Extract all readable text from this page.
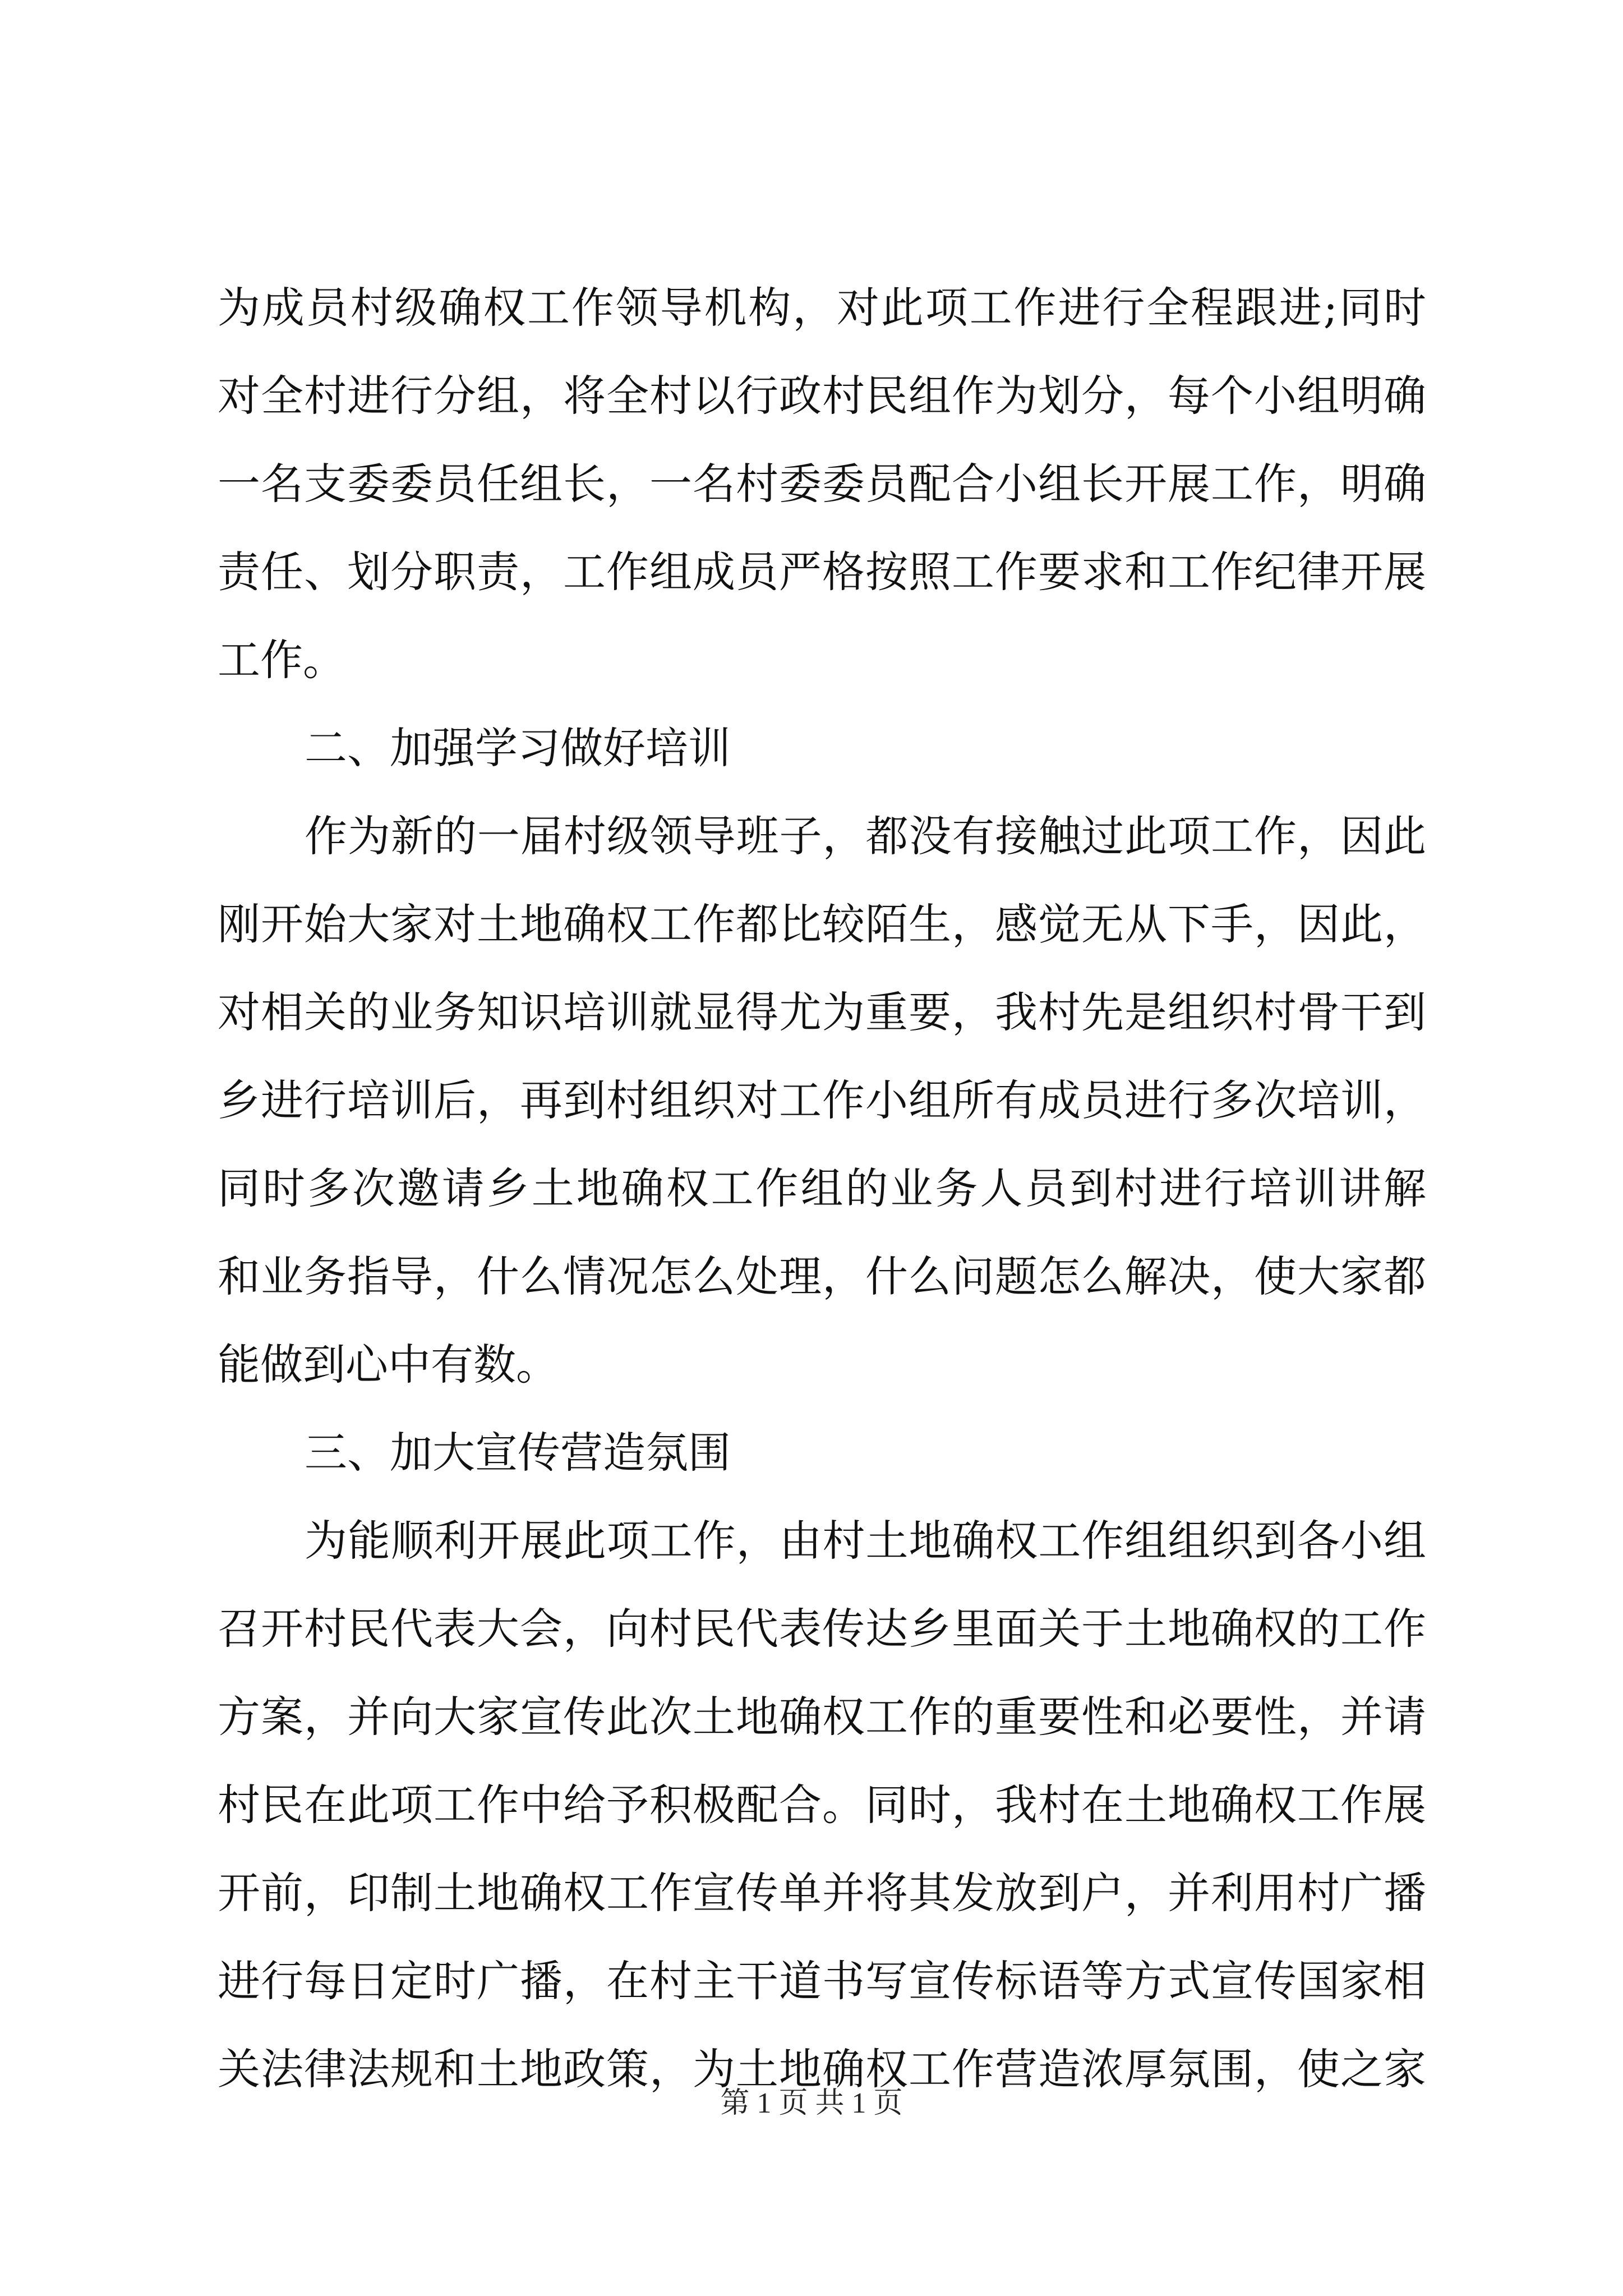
为成员村级确权工作领导机构，对此项工作进行全程跟进;同时
对全村进行分组，将全村以行政村民组作为划分，每个小组明确
一名支委委员任组长，一名村委委员配合小组长开展工作，明确
责任、划分职责，工作组成员严格按照工作要求和工作纪律开展
工作。
二、加强学习做好培训
作为新的一届村级领导班子，都没有接触过此项工作，因此
刚开始大家对土地确权工作都比较陌生，感觉无从下手，因此，
对相关的业务知识培训就显得尤为重要，我村先是组织村骨干到
乡进行培训后，再到村组织对工作小组所有成员进行多次培训，
同时多次邀请乡土地确权工作组的业务人员到村进行培训讲解
和业务指导，什么情况怎么处理，什么问题怎么解决，使大家都
能做到心中有数。
三、加大宣传营造氛围
为能顺利开展此项工作，由村土地确权工作组组织到各小组
召开村民代表大会，向村民代表传达乡里面关于土地确权的工作
方案，并向大家宣传此次土地确权工作的重要性和必要性，并请
村民在此项工作中给予积极配合。同时，我村在土地确权工作展
开前，印制土地确权工作宣传单并将其发放到户，并利用村广播
进行每日定时广播，在村主干道书写宣传标语等方式宣传国家相
关法律法规和土地政策，为土地确权工作营造浓厚氛围，使之家
第 1 页 共 1 页
